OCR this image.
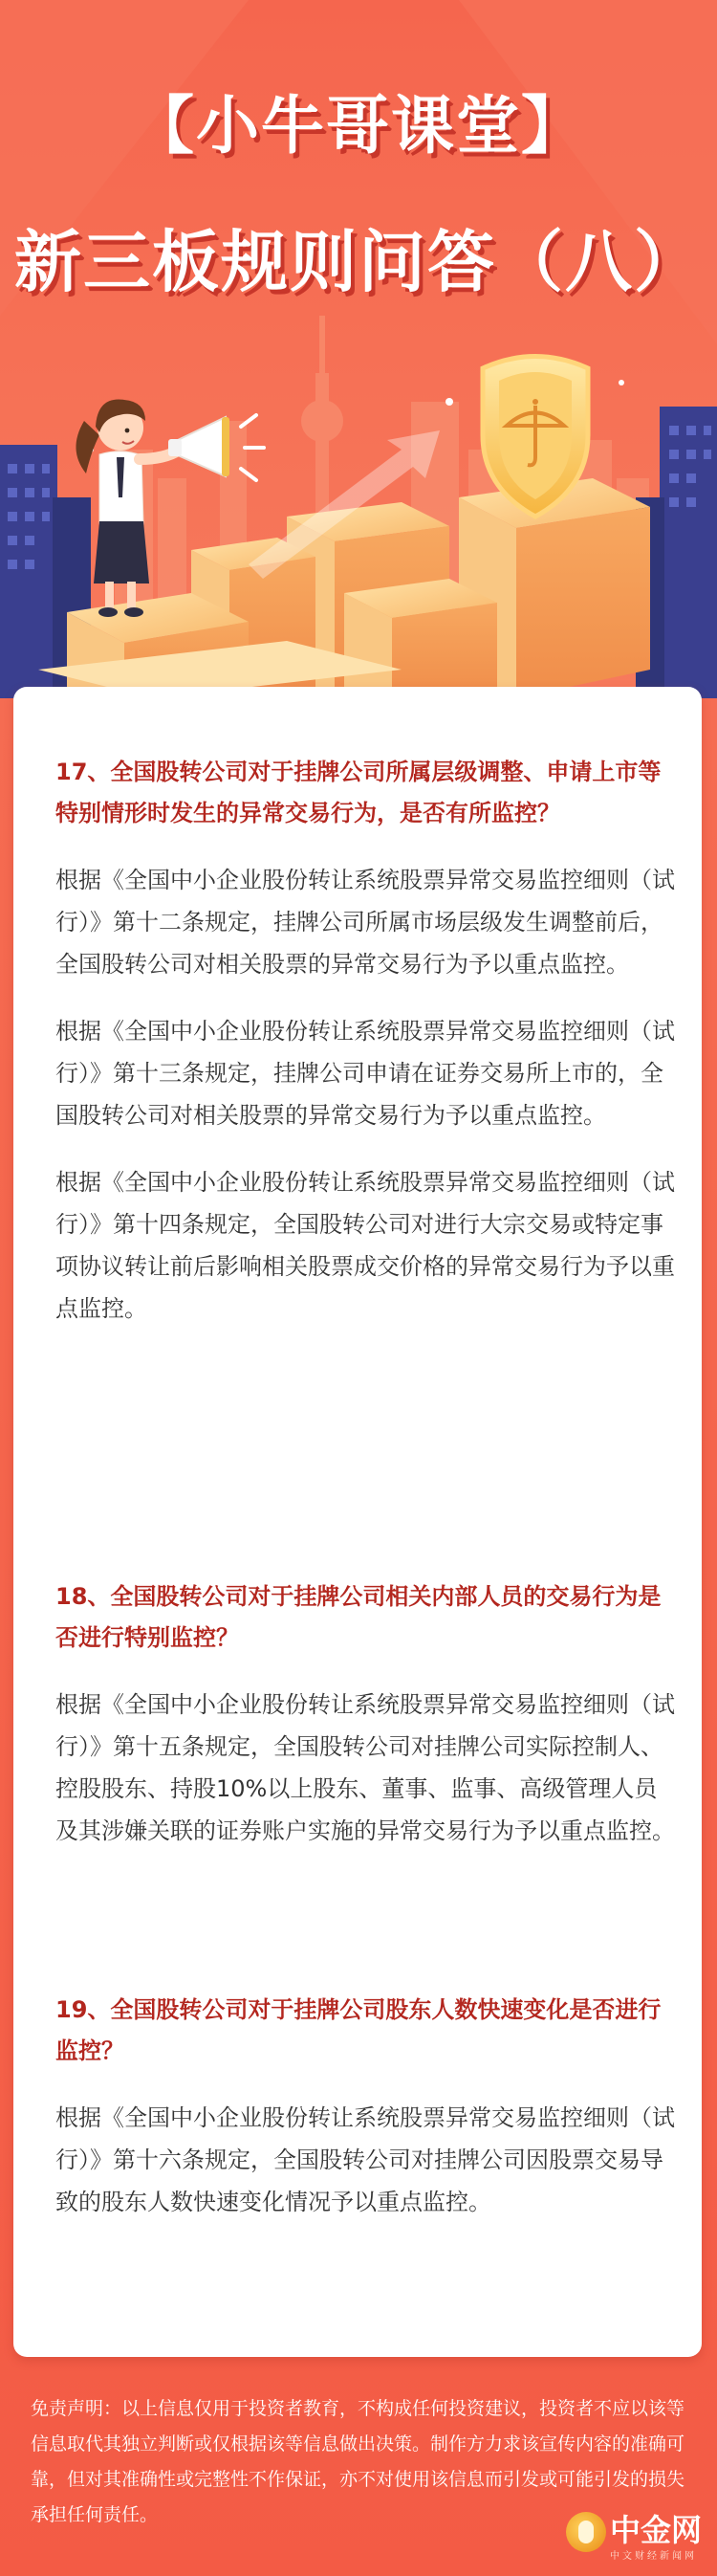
【小牛哥课堂】
新三板规则问答（八）

17、全国股转公司对于挂牌公司所属层级调整、申请上市等特别情形时发生的异常交易行为，是否有所监控？

根据《全国中小企业股份转让系统股票异常交易监控细则（试行）》第十二条规定，挂牌公司所属市场层级发生调整前后，全国股转公司对相关股票的异常交易行为予以重点监控。

根据《全国中小企业股份转让系统股票异常交易监控细则（试行）》第十三条规定，挂牌公司申请在证券交易所上市的，全国股转公司对相关股票的异常交易行为予以重点监控。

根据《全国中小企业股份转让系统股票异常交易监控细则（试行）》第十四条规定，全国股转公司对进行大宗交易或特定事项协议转让前后影响相关股票成交价格的异常交易行为予以重点监控。

18、全国股转公司对于挂牌公司相关内部人员的交易行为是否进行特别监控？

根据《全国中小企业股份转让系统股票异常交易监控细则（试行）》第十五条规定，全国股转公司对挂牌公司实际控制人、控股股东、持股10%以上股东、董事、监事、高级管理人员及其涉嫌关联的证券账户实施的异常交易行为予以重点监控。

19、全国股转公司对于挂牌公司股东人数快速变化是否进行监控？

根据《全国中小企业股份转让系统股票异常交易监控细则（试行）》第十六条规定，全国股转公司对挂牌公司因股票交易导致的股东人数快速变化情况予以重点监控。

免责声明：以上信息仅用于投资者教育，不构成任何投资建议，投资者不应以该等信息取代其独立判断或仅根据该等信息做出决策。制作方力求该宣传内容的准确可靠，但对其准确性或完整性不作保证，亦不对使用该信息而引发或可能引发的损失承担任何责任。	中金网
中文财经新闻网
